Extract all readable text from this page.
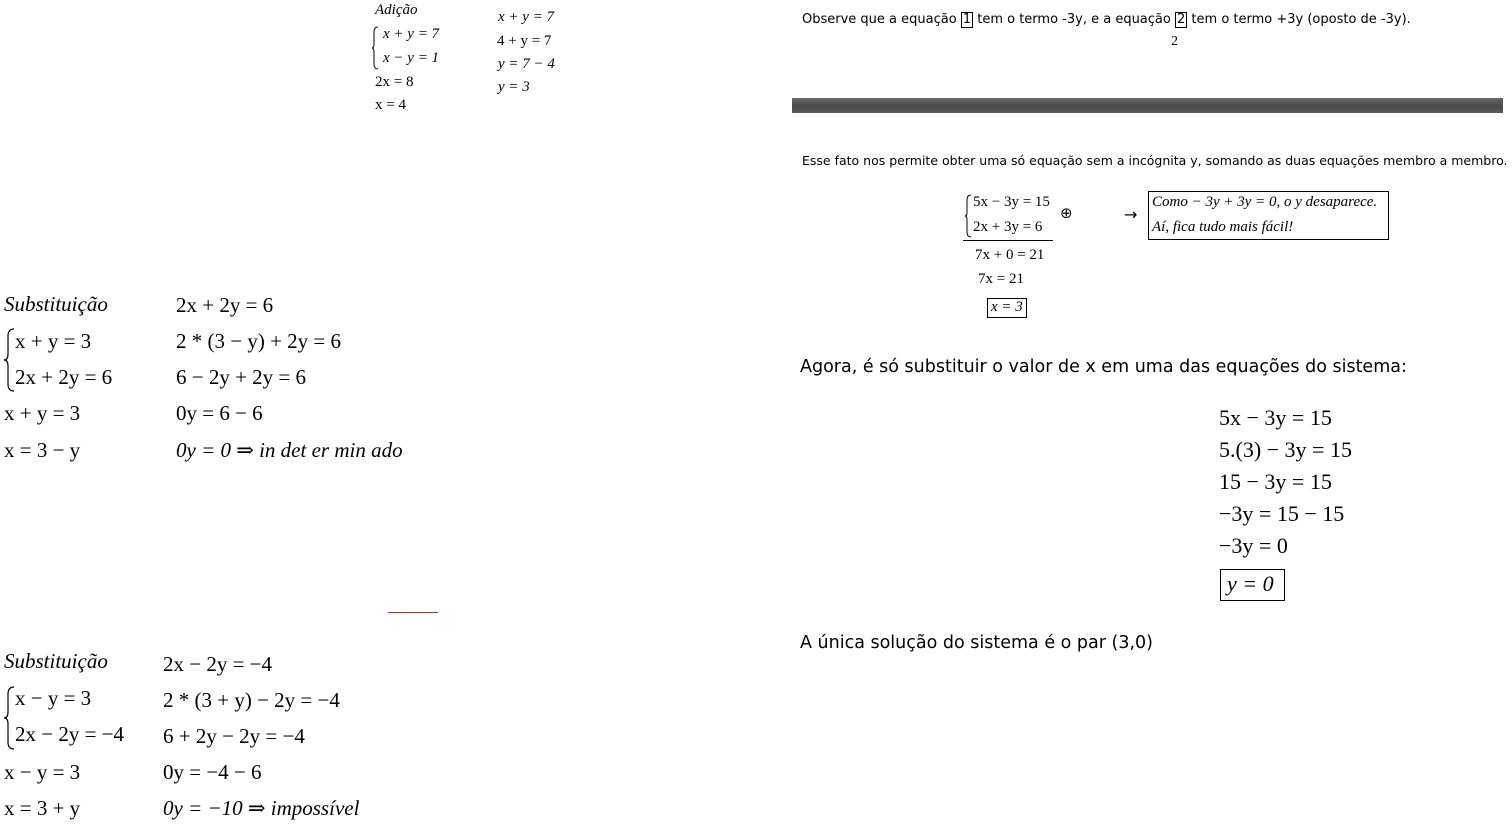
Adição
x + y = 7
x − y = 1
2x = 8
x = 4
x + y = 7
4 + y = 7
y = 7 − 4
y = 3
Substituição
x + y = 3
2x + 2y = 6
x + y = 3
x = 3 − y
2x + 2y = 6
2 * (3 − y) + 2y = 6
6 − 2y + 2y = 6
0y = 6 − 6
0y = 0 ⇒ in det er min ado
Substituição
x − y = 3
2x − 2y = −4
x − y = 3
x = 3 + y
2x − 2y = −4
2 * (3 + y) − 2y = −4
6 + 2y − 2y = −4
0y = −4 − 6
0y = −10 ⇒ impossível
Observe que a equação 1 tem o termo -3y, e a equação 2 tem o termo +3y (oposto de -3y).
2
Esse fato nos permite obter uma só equação sem a incógnita y, somando as duas equações membro a membro.
5x − 3y = 15
2x + 3y = 6
⊕
7x + 0 = 21
7x = 21
x = 3
→
Como − 3y + 3y = 0, o y desaparece.
Aí, fica tudo mais fácil!
Agora, é só substituir o valor de x em uma das equações do sistema:
5x − 3y = 15
5.(3) − 3y = 15
15 − 3y = 15
−3y = 15 − 15
−3y = 0
y = 0
A única solução do sistema é o par (3,0)
